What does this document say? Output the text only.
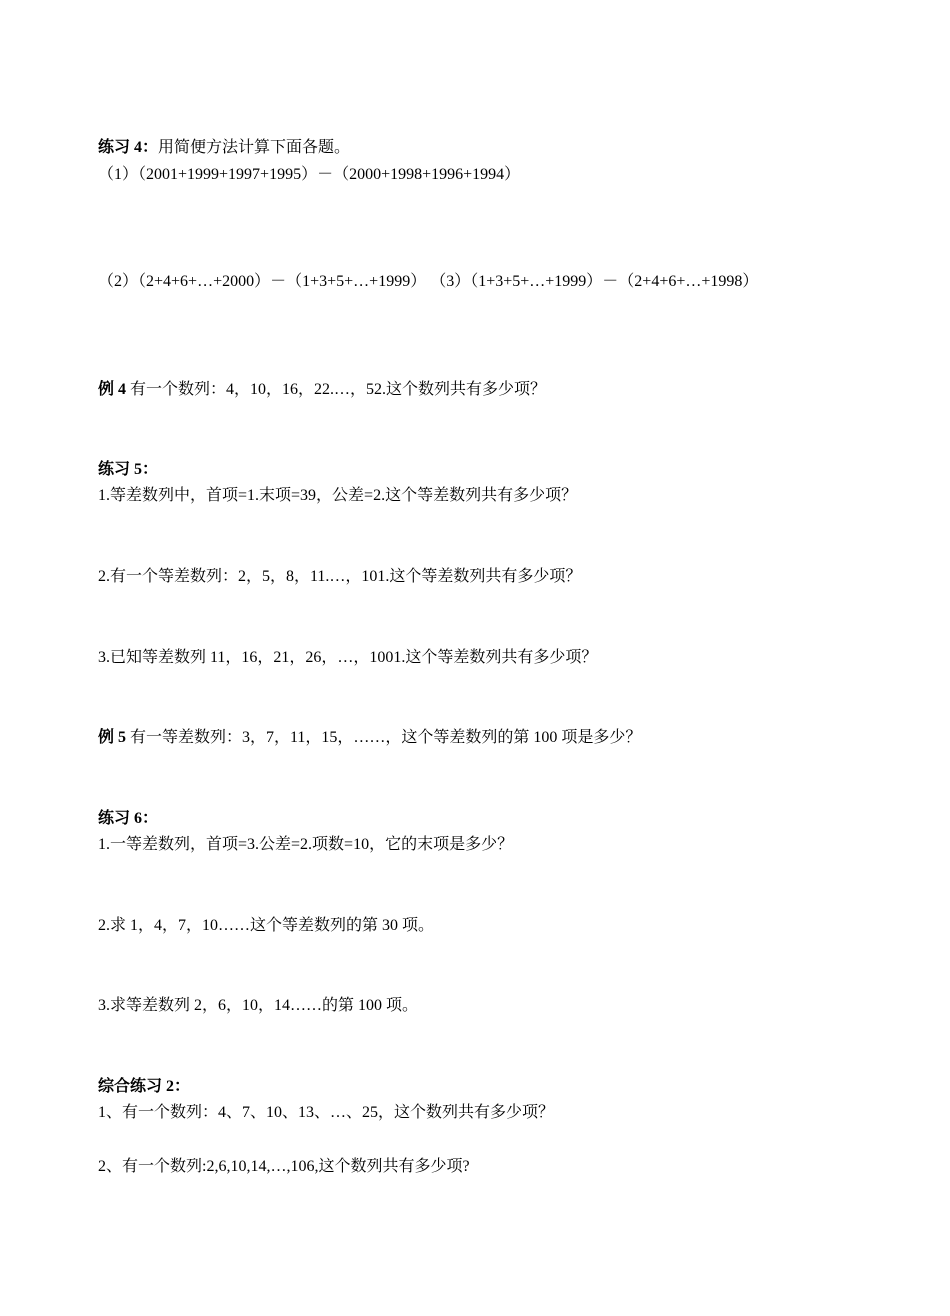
练习 4：用简便方法计算下面各题。
（1）（2001+1999+1997+1995）－（2000+1998+1996+1994）
（2）（2+4+6+…+2000）－（1+3+5+…+1999） （3）（1+3+5+…+1999）－（2+4+6+…+1998）
例 4 有一个数列：4，10，16，22.…，52.这个数列共有多少项？
练习 5：
1.等差数列中，首项=1.末项=39，公差=2.这个等差数列共有多少项？
2.有一个等差数列：2，5，8，11.…，101.这个等差数列共有多少项？
3.已知等差数列 11，16，21，26，…，1001.这个等差数列共有多少项？
例 5 有一等差数列：3，7，11，15，……，这个等差数列的第 100 项是多少？
练习 6：
1.一等差数列，首项=3.公差=2.项数=10，它的末项是多少？
2.求 1，4，7，10……这个等差数列的第 30 项。
3.求等差数列 2，6，10，14……的第 100 项。
综合练习 2：
1、有一个数列：4、7、10、13、…、25，这个数列共有多少项？
2、有一个数列:2,6,10,14,…,106,这个数列共有多少项?
